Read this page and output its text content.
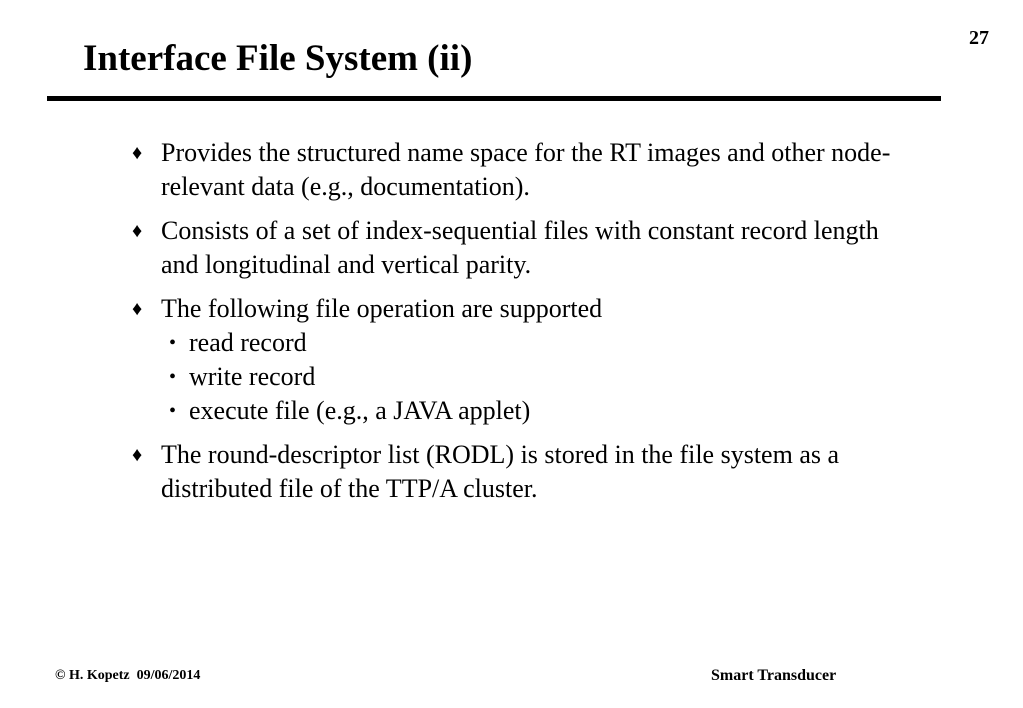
27
Interface File System (ii)
♦ Provides the structured name space for the RT images and other node-relevant data (e.g., documentation).
♦ Consists of a set of index-sequential files with constant record length and longitudinal and vertical parity.
♦ The following file operation are supported
• read record
• write record
• execute file (e.g., a JAVA applet)
♦ The round-descriptor list (RODL) is stored in the file system as a distributed file of the TTP/A cluster.
© H. Kopetz  09/06/2014	Smart Transducer
